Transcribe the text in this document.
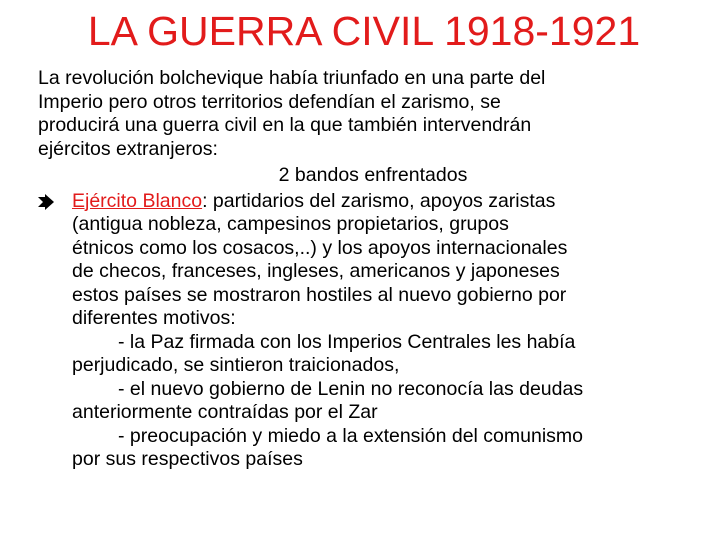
LA GUERRA CIVIL 1918-1921
La revolución bolchevique había triunfado en una parte del
Imperio pero otros territorios defendían el zarismo, se
producirá una guerra civil en la que también intervendrán
ejércitos extranjeros:
2 bandos enfrentados
Ejército Blanco: partidarios del zarismo, apoyos zaristas
(antigua nobleza, campesinos propietarios, grupos
étnicos como los cosacos,..) y los apoyos internacionales
de checos, franceses, ingleses, americanos y japoneses
estos países se mostraron hostiles al nuevo gobierno por
diferentes motivos:
- la Paz firmada con los Imperios Centrales les había
perjudicado, se sintieron traicionados,
- el nuevo gobierno de Lenin no reconocía las deudas
anteriormente contraídas por el Zar
- preocupación y miedo a la extensión del comunismo
por sus respectivos países
